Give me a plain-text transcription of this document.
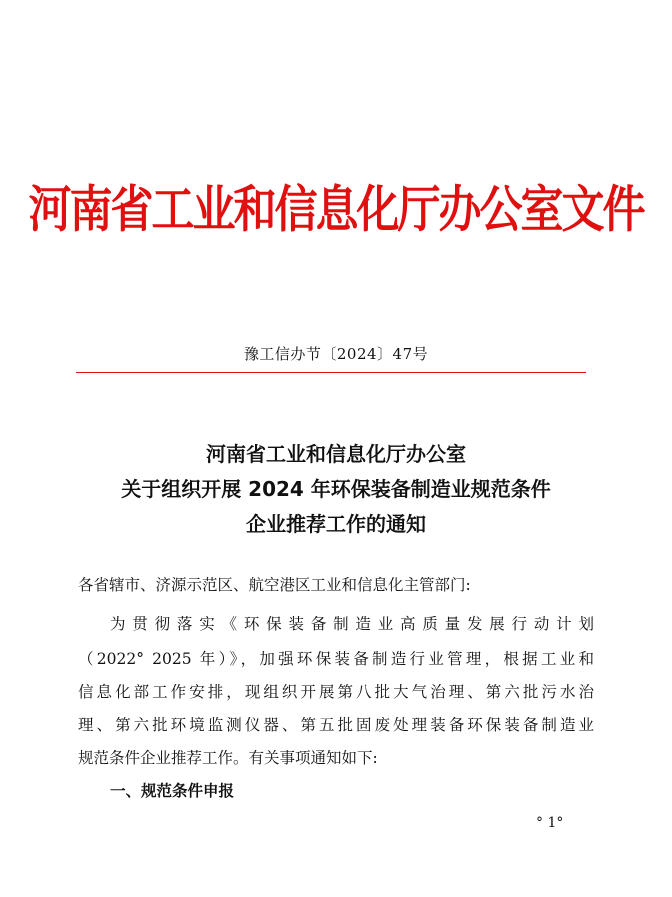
河南省工业和信息化厅办公室文件
豫工信办节〔2024〕47号
河南省工业和信息化厅办公室
关于组织开展 2024 年环保装备制造业规范条件
企业推荐工作的通知
各省辖市、济源示范区、航空港区工业和信息化主管部门:
为贯彻落实《环保装备制造业高质量发展行动计划
（2022° 2025 年）》，加强环保装备制造行业管理，根据工业和
信息化部工作安排，现组织开展第八批大气治理、第六批污水治
理、第六批环境监测仪器、第五批固废处理装备环保装备制造业
规范条件企业推荐工作。有关事项通知如下:
一、规范条件申报
° 1°
